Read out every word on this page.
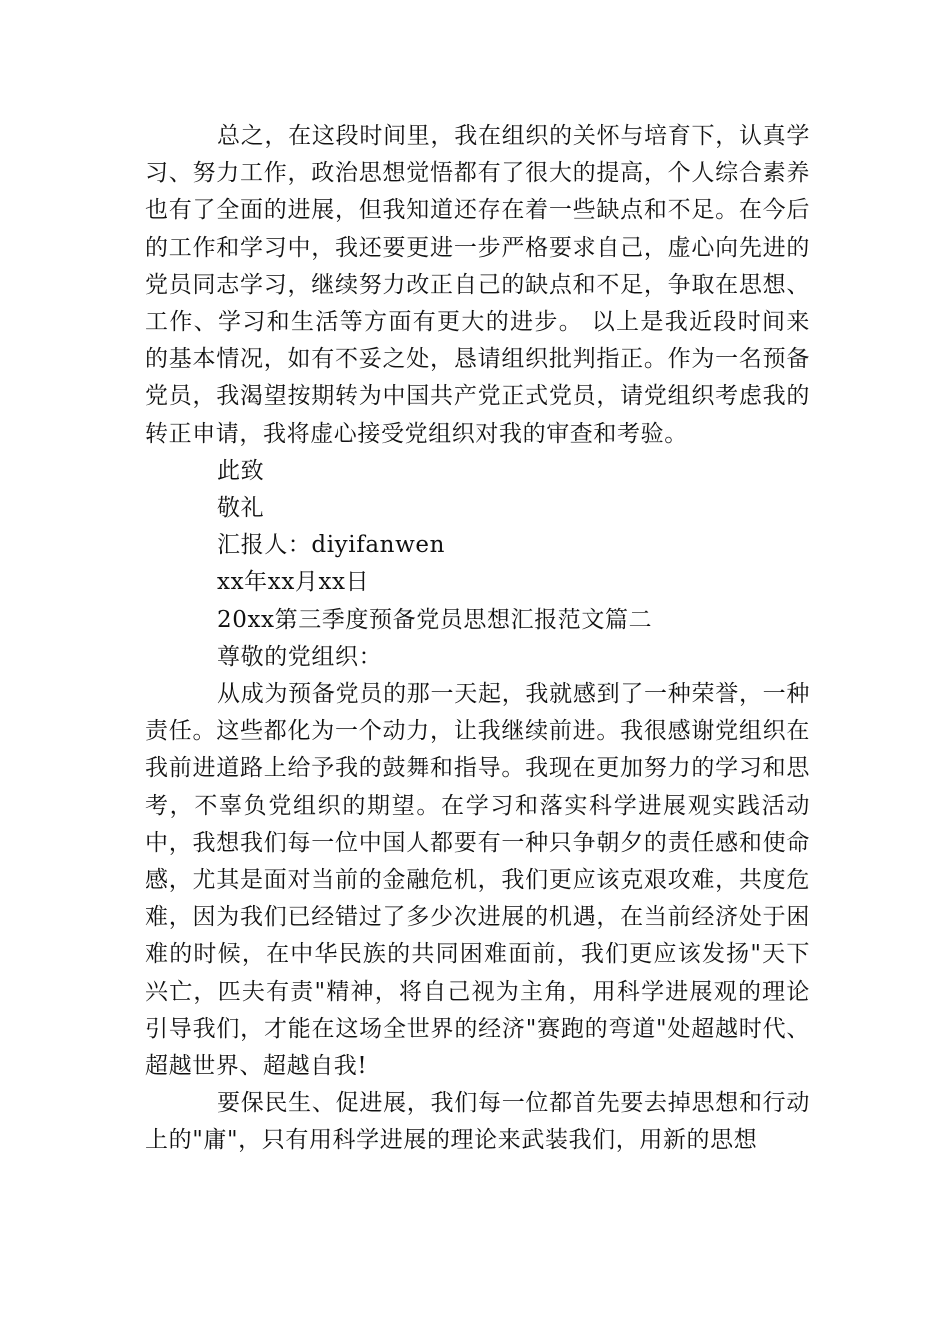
总之，在这段时间里，我在组织的关怀与培育下，认真学习、努力工作，政治思想觉悟都有了很大的提高，个人综合素养也有了全面的进展，但我知道还存在着一些缺点和不足。在今后的工作和学习中，我还要更进一步严格要求自己，虚心向先进的党员同志学习，继续努力改正自己的缺点和不足，争取在思想、工作、学习和生活等方面有更大的进步。 以上是我近段时间来的基本情况，如有不妥之处，恳请组织批判指正。作为一名预备党员，我渴望按期转为中国共产党正式党员，请党组织考虑我的转正申请，我将虚心接受党组织对我的审查和考验。

此致

敬礼

汇报人：diyifanwen

xx年xx月xx日

20xx第三季度预备党员思想汇报范文篇二

尊敬的党组织：

从成为预备党员的那一天起，我就感到了一种荣誉，一种责任。这些都化为一个动力，让我继续前进。我很感谢党组织在我前进道路上给予我的鼓舞和指导。我现在更加努力的学习和思考，不辜负党组织的期望。在学习和落实科学进展观实践活动中，我想我们每一位中国人都要有一种只争朝夕的责任感和使命感，尤其是面对当前的金融危机，我们更应该克艰攻难，共度危难，因为我们已经错过了多少次进展的机遇，在当前经济处于困难的时候，在中华民族的共同困难面前，我们更应该发扬"天下兴亡，匹夫有责"精神，将自己视为主角，用科学进展观的理论引导我们，才能在这场全世界的经济"赛跑的弯道"处超越时代、超越世界、超越自我!

要保民生、促进展，我们每一位都首先要去掉思想和行动上的"庸"，只有用科学进展的理论来武装我们，用新的思想
